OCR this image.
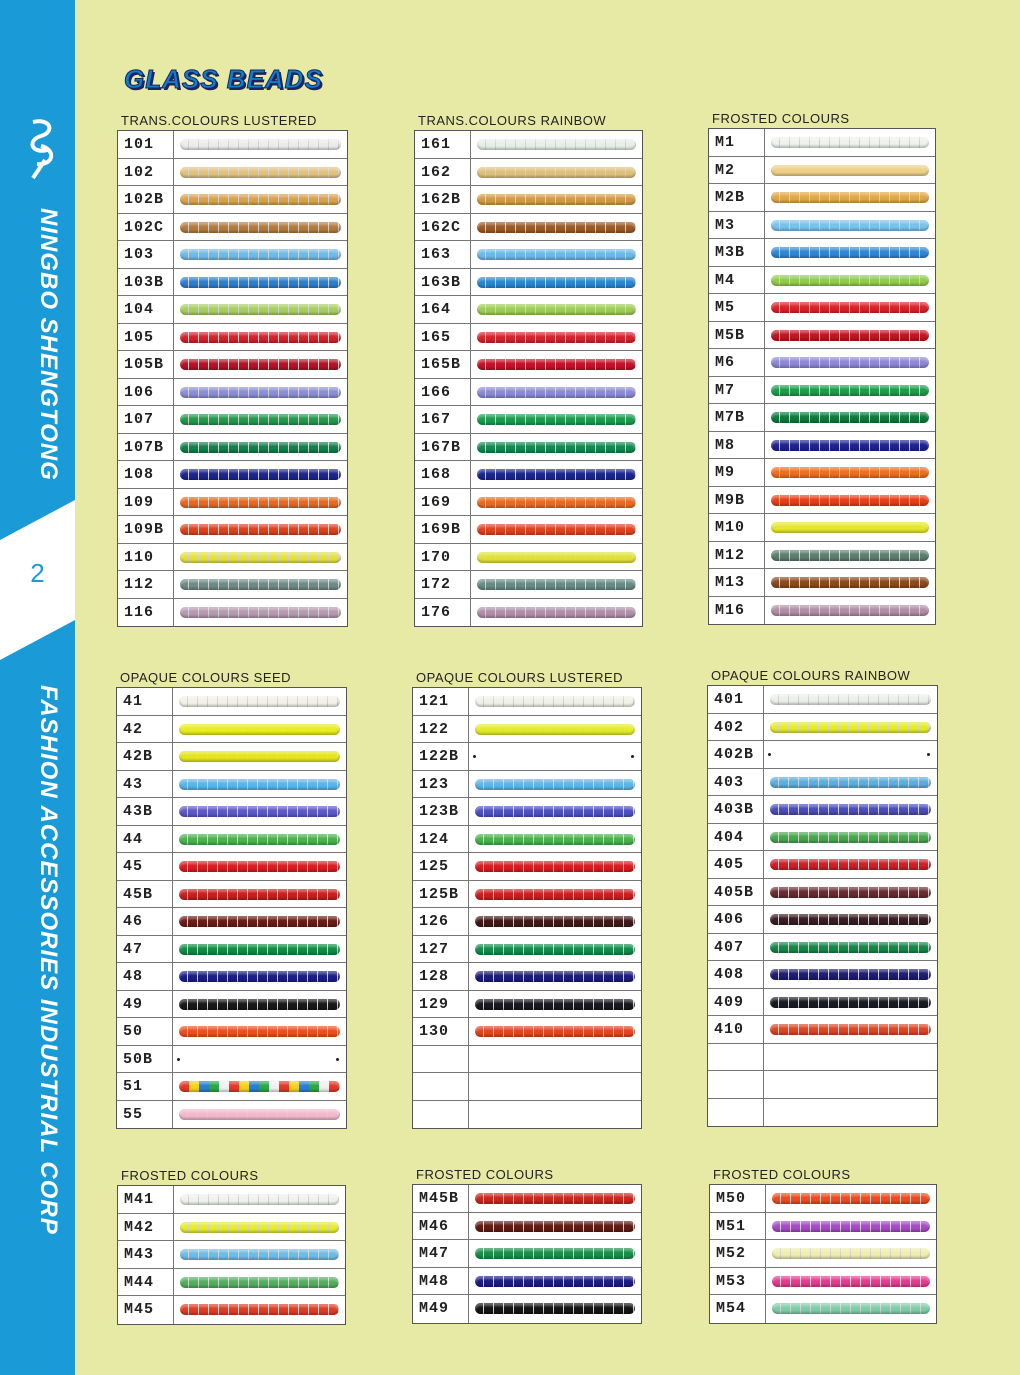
NINGBO SHENGTONG
2
FASHION ACCESSORIES INDUSTRIAL CORP
GLASS BEADS
TRANS.COLOURS LUSTERED
101
102
102B
102C
103
103B
104
105
105B
106
107
107B
108
109
109B
110
112
116
TRANS.COLOURS RAINBOW
161
162
162B
162C
163
163B
164
165
165B
166
167
167B
168
169
169B
170
172
176
FROSTED COLOURS
M1
M2
M2B
M3
M3B
M4
M5
M5B
M6
M7
M7B
M8
M9
M9B
M10
M12
M13
M16
OPAQUE COLOURS SEED
41
42
42B
43
43B
44
45
45B
46
47
48
49
50
50B
51
55
OPAQUE COLOURS LUSTERED
121
122
122B
123
123B
124
125
125B
126
127
128
129
130
OPAQUE COLOURS RAINBOW
401
402
402B
403
403B
404
405
405B
406
407
408
409
410
FROSTED COLOURS
M41
M42
M43
M44
M45
FROSTED COLOURS
M45B
M46
M47
M48
M49
FROSTED COLOURS
M50
M51
M52
M53
M54
